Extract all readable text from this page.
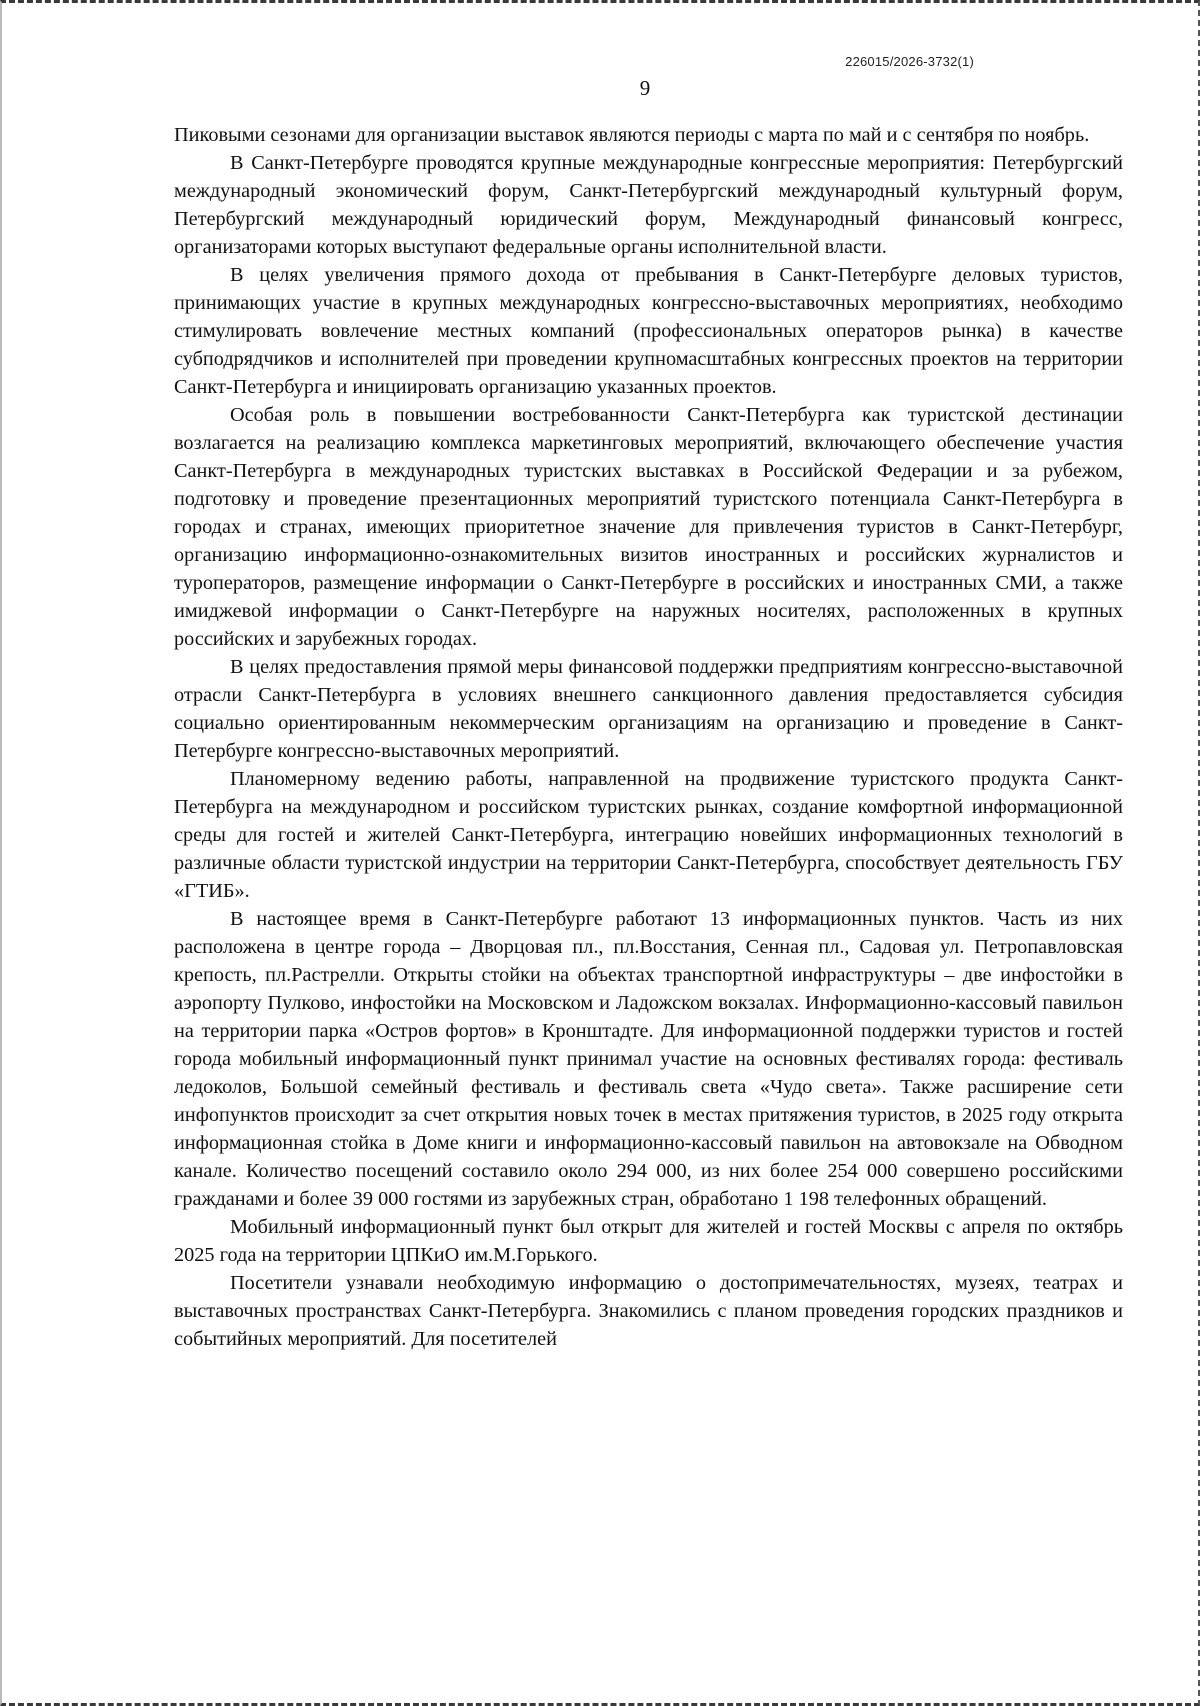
226015/2026-3732(1)
9

Пиковыми сезонами для организации выставок являются периоды с марта по май и с сентября по ноябрь.

В Санкт-Петербурге проводятся крупные международные конгрессные мероприятия: Петербургский международный экономический форум, Санкт-Петербургский международный культурный форум, Петербургский международный юридический форум, Международный финансовый конгресс, организаторами которых выступают федеральные органы исполнительной власти.

В целях увеличения прямого дохода от пребывания в Санкт-Петербурге деловых туристов, принимающих участие в крупных международных конгрессно-выставочных мероприятиях, необходимо стимулировать вовлечение местных компаний (профессиональных операторов рынка) в качестве субподрядчиков и исполнителей при проведении крупномасштабных конгрессных проектов на территории Санкт-Петербурга и инициировать организацию указанных проектов.

Особая роль в повышении востребованности Санкт-Петербурга как туристской дестинации возлагается на реализацию комплекса маркетинговых мероприятий, включающего обеспечение участия Санкт-Петербурга в международных туристских выставках в Российской Федерации и за рубежом, подготовку и проведение презентационных мероприятий туристского потенциала Санкт-Петербурга в городах и странах, имеющих приоритетное значение для привлечения туристов в Санкт-Петербург, организацию информационно-ознакомительных визитов иностранных и российских журналистов и туроператоров, размещение информации о Санкт-Петербурге в российских и иностранных СМИ, а также имиджевой информации о Санкт-Петербурге на наружных носителях, расположенных в крупных российских и зарубежных городах.

В целях предоставления прямой меры финансовой поддержки предприятиям конгрессно-выставочной отрасли Санкт-Петербурга в условиях внешнего санкционного давления предоставляется субсидия социально ориентированным некоммерческим организациям на организацию и проведение в Санкт-Петербурге конгрессно-выставочных мероприятий.

Планомерному ведению работы, направленной на продвижение туристского продукта Санкт-Петербурга на международном и российском туристских рынках, создание комфортной информационной среды для гостей и жителей Санкт-Петербурга, интеграцию новейших информационных технологий в различные области туристской индустрии на территории Санкт-Петербурга, способствует деятельность ГБУ «ГТИБ».

В настоящее время в Санкт-Петербурге работают 13 информационных пунктов. Часть из них расположена в центре города – Дворцовая пл., пл.Восстания, Сенная пл., Садовая ул. Петропавловская крепость, пл.Растрелли. Открыты стойки на объектах транспортной инфраструктуры – две инфостойки в аэропорту Пулково, инфостойки на Московском и Ладожском вокзалах. Информационно-кассовый павильон на территории парка «Остров фортов» в Кронштадте. Для информационной поддержки туристов и гостей города мобильный информационный пункт принимал участие на основных фестивалях города: фестиваль ледоколов, Большой семейный фестиваль и фестиваль света «Чудо света». Также расширение сети инфопунктов происходит за счет открытия новых точек в местах притяжения туристов, в 2025 году открыта информационная стойка в Доме книги и информационно-кассовый павильон на автовокзале на Обводном канале. Количество посещений составило около 294 000, из них более 254 000 совершено российскими гражданами и более 39 000 гостями из зарубежных стран, обработано 1 198 телефонных обращений.

Мобильный информационный пункт был открыт для жителей и гостей Москвы с апреля по октябрь 2025 года на территории ЦПКиО им.М.Горького.

Посетители узнавали необходимую информацию о достопримечательностях, музеях, театрах и выставочных пространствах Санкт-Петербурга. Знакомились с планом проведения городских праздников и событийных мероприятий. Для посетителей
